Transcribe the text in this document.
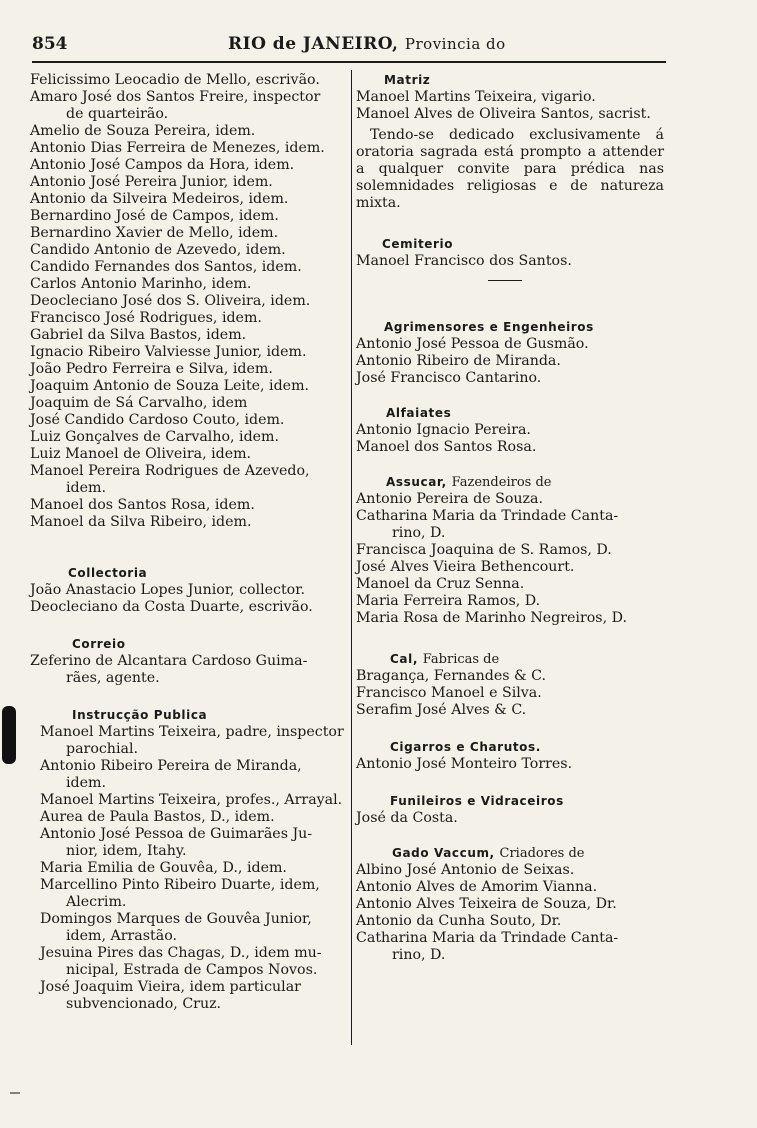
854	RIO de JANEIRO, Provincia do
Felicissimo Leocadio de Mello, escrivão.
Amaro José dos Santos Freire, inspector
de quarteirão.
Amelio de Souza Pereira, idem.
Antonio Dias Ferreira de Menezes, idem.
Antonio José Campos da Hora, idem.
Antonio José Pereira Junior, idem.
Antonio da Silveira Medeiros, idem.
Bernardino José de Campos, idem.
Bernardino Xavier de Mello, idem.
Candido Antonio de Azevedo, idem.
Candido Fernandes dos Santos, idem.
Carlos Antonio Marinho, idem.
Deocleciano José dos S. Oliveira, idem.
Francisco José Rodrigues, idem.
Gabriel da Silva Bastos, idem.
Ignacio Ribeiro Valviesse Junior, idem.
João Pedro Ferreira e Silva, idem.
Joaquim Antonio de Souza Leite, idem.
Joaquim de Sá Carvalho, idem
José Candido Cardoso Couto, idem.
Luiz Gonçalves de Carvalho, idem.
Luiz Manoel de Oliveira, idem.
Manoel Pereira Rodrigues de Azevedo,
idem.
Manoel dos Santos Rosa, idem.
Manoel da Silva Ribeiro, idem.
Collectoria
João Anastacio Lopes Junior, collector.
Deocleciano da Costa Duarte, escrivão.
Correio
Zeferino de Alcantara Cardoso Guima-
rães, agente.
Instrucção Publica
Manoel Martins Teixeira, padre, inspector
parochial.
Antonio Ribeiro Pereira de Miranda,
idem.
Manoel Martins Teixeira, profes., Arrayal.
Aurea de Paula Bastos, D., idem.
Antonio José Pessoa de Guimarães Ju-
nior, idem, Itahy.
Maria Emilia de Gouvêa, D., idem.
Marcellino Pinto Ribeiro Duarte, idem,
Alecrim.
Domingos Marques de Gouvêa Junior,
idem, Arrastão.
Jesuina Pires das Chagas, D., idem mu-
nicipal, Estrada de Campos Novos.
José Joaquim Vieira, idem particular
subvencionado, Cruz.
Matriz
Manoel Martins Teixeira, vigario.
Manoel Alves de Oliveira Santos, sacrist.
Tendo-se dedicado exclusivamente á oratoria sagrada está prompto a attender a qualquer convite para prédica nas solemnidades religiosas e de natureza mixta.
Cemiterio
Manoel Francisco dos Santos.
Agrimensores e Engenheiros
Antonio José Pessoa de Gusmão.
Antonio Ribeiro de Miranda.
José Francisco Cantarino.
Alfaiates
Antonio Ignacio Pereira.
Manoel dos Santos Rosa.
Assucar, Fazendeiros de
Antonio Pereira de Souza.
Catharina Maria da Trindade Canta-
rino, D.
Francisca Joaquina de S. Ramos, D.
José Alves Vieira Bethencourt.
Manoel da Cruz Senna.
Maria Ferreira Ramos, D.
Maria Rosa de Marinho Negreiros, D.
Cal, Fabricas de
Bragança, Fernandes & C.
Francisco Manoel e Silva.
Serafim José Alves & C.
Cigarros e Charutos.
Antonio José Monteiro Torres.
Funileiros e Vidraceiros
José da Costa.
Gado Vaccum, Criadores de
Albino José Antonio de Seixas.
Antonio Alves de Amorim Vianna.
Antonio Alves Teixeira de Souza, Dr.
Antonio da Cunha Souto, Dr.
Catharina Maria da Trindade Canta-
rino, D.
